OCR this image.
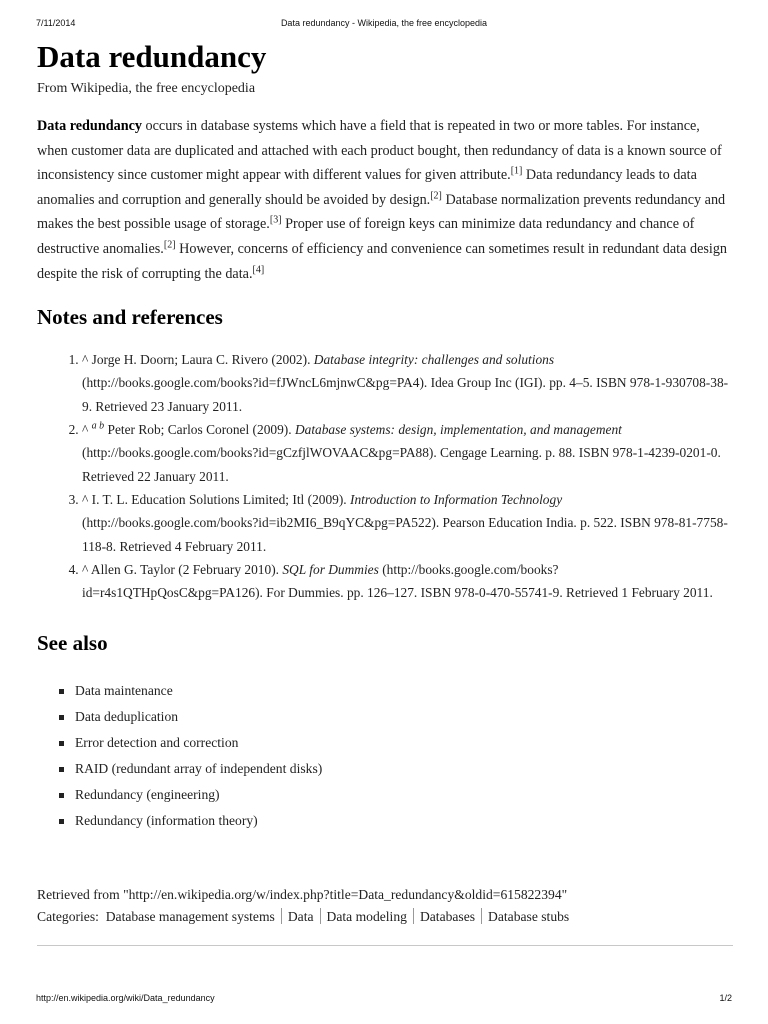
7/11/2014	Data redundancy - Wikipedia, the free encyclopedia
Data redundancy
From Wikipedia, the free encyclopedia

Data redundancy occurs in database systems which have a field that is repeated in two or more tables. For instance, when customer data are duplicated and attached with each product bought, then redundancy of data is a known source of inconsistency since customer might appear with different values for given attribute.[1] Data redundancy leads to data anomalies and corruption and generally should be avoided by design.[2] Database normalization prevents redundancy and makes the best possible usage of storage.[3] Proper use of foreign keys can minimize data redundancy and chance of destructive anomalies.[2] However, concerns of efficiency and convenience can sometimes result in redundant data design despite the risk of corrupting the data.[4]

Notes and references
1. ^ Jorge H. Doorn; Laura C. Rivero (2002). Database integrity: challenges and solutions (http://books.google.com/books?id=fJWncL6mjnwC&pg=PA4). Idea Group Inc (IGI). pp. 4–5. ISBN 978-1-930708-38-9. Retrieved 23 January 2011.
2. ^ $^{a b}$ Peter Rob; Carlos Coronel (2009). Database systems: design, implementation, and management (http://books.google.com/books?id=gCzfjlWOVAAC&pg=PA88). Cengage Learning. p. 88. ISBN 978-1-4239-0201-0. Retrieved 22 January 2011.
3. ^ I. T. L. Education Solutions Limited; Itl (2009). Introduction to Information Technology (http://books.google.com/books?id=ib2MI6_B9qYC&pg=PA522). Pearson Education India. p. 522. ISBN 978-81-7758-118-8. Retrieved 4 February 2011.
4. ^ Allen G. Taylor (2 February 2010). SQL for Dummies (http://books.google.com/books?id=r4s1QTHpQosC&pg=PA126). For Dummies. pp. 126–127. ISBN 978-0-470-55741-9. Retrieved 1 February 2011.
See also
Data maintenance
Data deduplication
Error detection and correction
RAID (redundant array of independent disks)
Redundancy (engineering)
Redundancy (information theory)
Retrieved from "http://en.wikipedia.org/w/index.php?title=Data_redundancy&oldid=615822394"
Categories: Database management systems Data Data modeling Databases Database stubs
http://en.wikipedia.org/wiki/Data_redundancy	1/2
